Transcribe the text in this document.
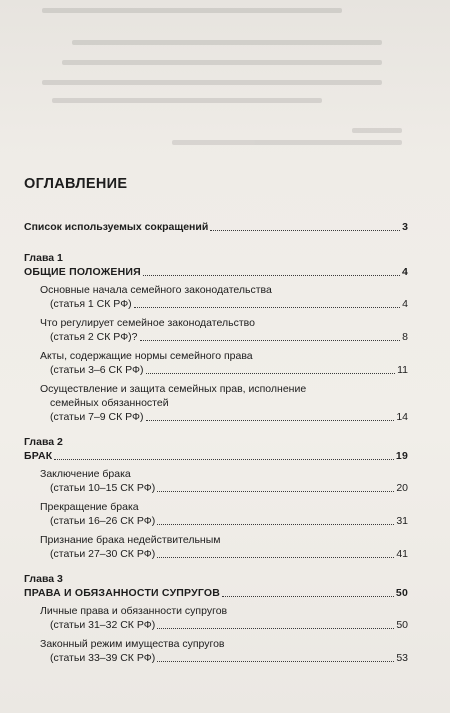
ОГЛАВЛЕНИЕ
Список используемых сокращений	3
Глава 1
ОБЩИЕ ПОЛОЖЕНИЯ	4
Основные начала семейного законодательства
(статья 1 СК РФ)	4
Что регулирует семейное законодательство
(статья 2 СК РФ)?	8
Акты, содержащие нормы семейного права
(статьи 3–6 СК РФ)	11
Осуществление и защита семейных прав, исполнение
семейных обязанностей
(статьи 7–9 СК РФ)	14
Глава 2
БРАК	19
Заключение брака
(статьи 10–15 СК РФ)	20
Прекращение брака
(статьи 16–26 СК РФ)	31
Признание брака недействительным
(статьи 27–30 СК РФ)	41
Глава 3
ПРАВА И ОБЯЗАННОСТИ СУПРУГОВ	50
Личные права и обязанности супругов
(статьи 31–32 СК РФ)	50
Законный режим имущества супругов
(статьи 33–39 СК РФ)	53
